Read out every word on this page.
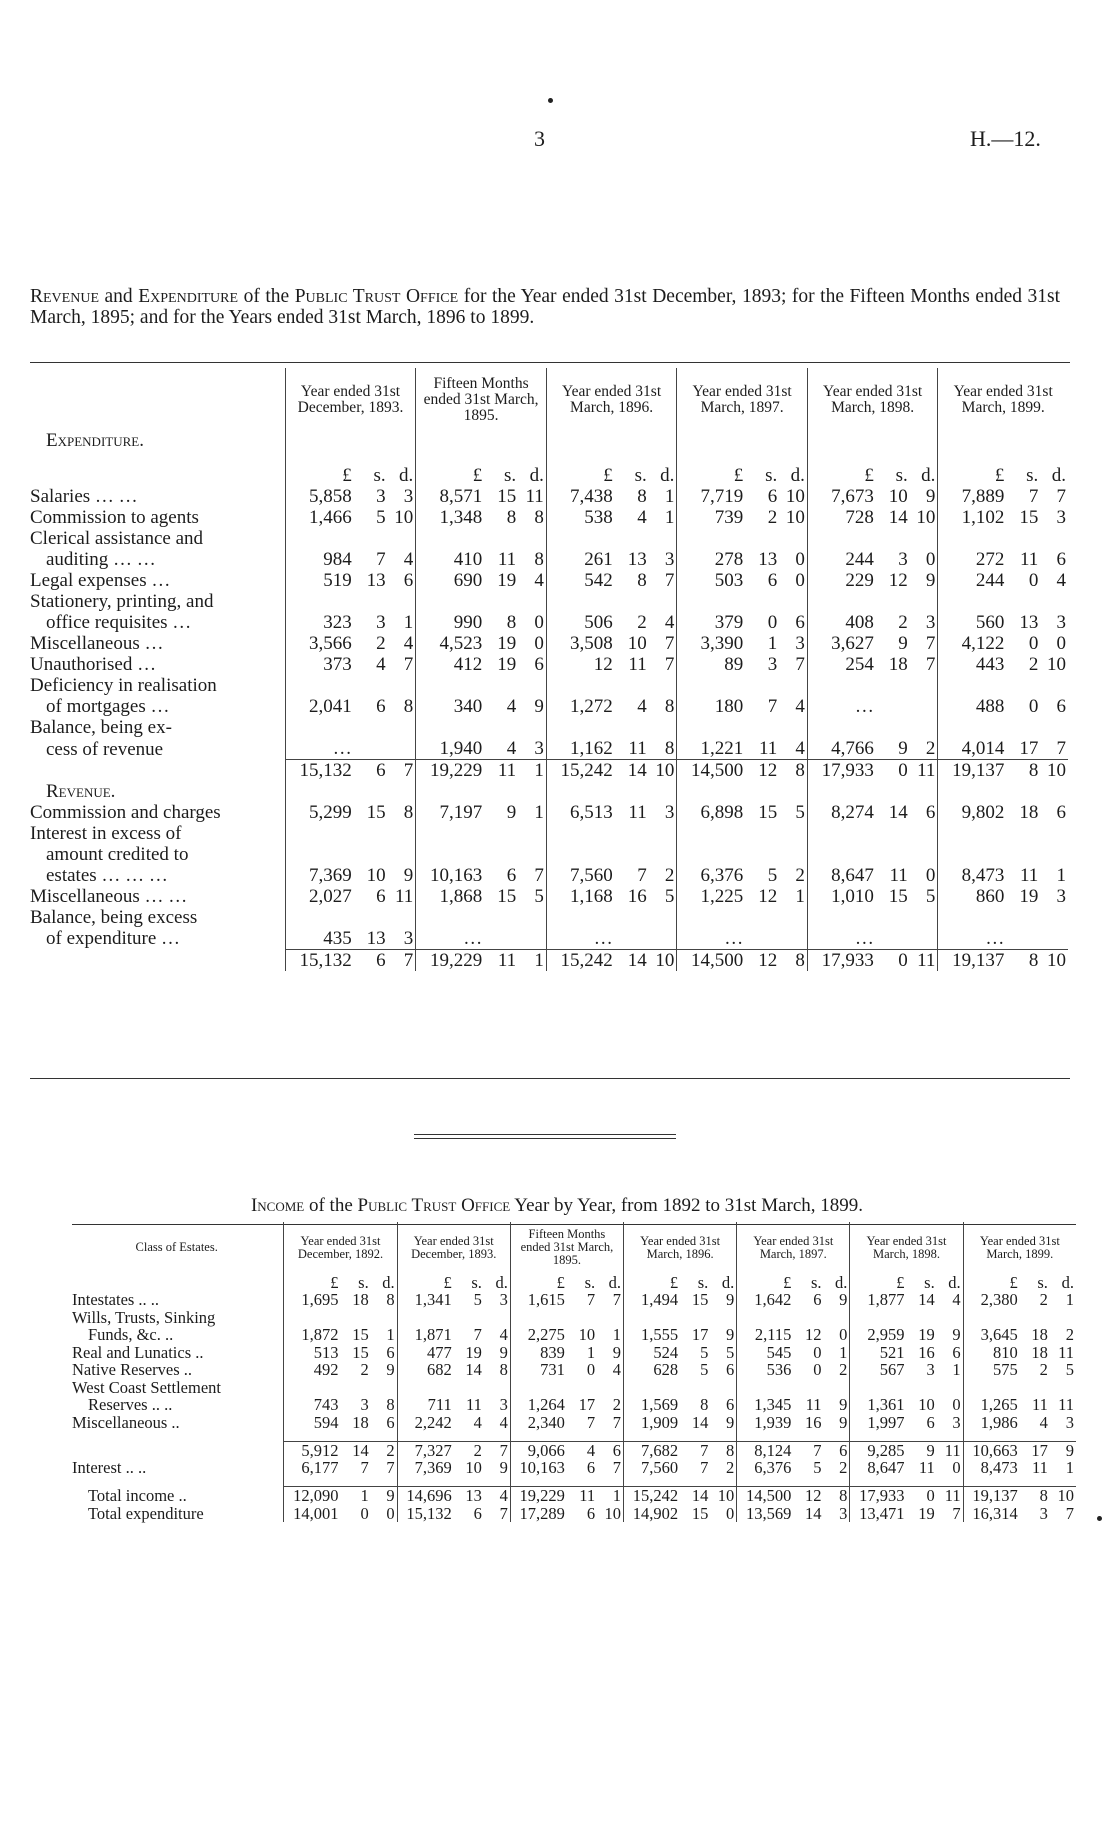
3	H.—12.
Revenue and Expenditure of the Public Trust Office for the Year ended 31st December, 1893; for the Fifteen Months ended 31st March, 1895; and for the Years ended 31st March, 1896 to 1899.
	Year ended 31st December, 1893.			Fifteen Months ended 31st March, 1895.			Year ended 31st March, 1896.			Year ended 31st March, 1897.			Year ended 31st March, 1898.			Year ended 31st March, 1899.		
Expenditure.																		
	£	s.	d.	£	s.	d.	£	s.	d.	£	s.	d.	£	s.	d.	£	s.	d.
Salaries … …	5,858	3	3	8,571	15	11	7,438	8	1	7,719	6	10	7,673	10	9	7,889	7	7
Commission to agents	1,466	5	10	1,348	8	8	538	4	1	739	2	10	728	14	10	1,102	15	3
Clerical assistance and																		
auditing … …	984	7	4	410	11	8	261	13	3	278	13	0	244	3	0	272	11	6
Legal expenses …	519	13	6	690	19	4	542	8	7	503	6	0	229	12	9	244	0	4
Stationery, printing, and																		
office requisites …	323	3	1	990	8	0	506	2	4	379	0	6	408	2	3	560	13	3
Miscellaneous …	3,566	2	4	4,523	19	0	3,508	10	7	3,390	1	3	3,627	9	7	4,122	0	0
Unauthorised …	373	4	7	412	19	6	12	11	7	89	3	7	254	18	7	443	2	10
Deficiency in realisation																		
of mortgages …	2,041	6	8	340	4	9	1,272	4	8	180	7	4	…			488	0	6
Balance, being ex-																		
cess of revenue	…			1,940	4	3	1,162	11	8	1,221	11	4	4,766	9	2	4,014	17	7
	15,132	6	7	19,229	11	1	15,242	14	10	14,500	12	8	17,933	0	11	19,137	8	10
Revenue.																		

Commission and charges	5,299	15	8	7,197	9	1	6,513	11	3	6,898	15	5	8,274	14	6	9,802	18	6
Interest in excess of																		
amount credited to																		
estates … … …	7,369	10	9	10,163	6	7	7,560	7	2	6,376	5	2	8,647	11	0	8,473	11	1
Miscellaneous … …	2,027	6	11	1,868	15	5	1,168	16	5	1,225	12	1	1,010	15	5	860	19	3
Balance, being excess																		
of expenditure …	435	13	3	…			…			…			…			…		

	15,132	6	7	19,229	11	1	15,242	14	10	14,500	12	8	17,933	0	11	19,137	8	10
Income of the Public Trust Office Year by Year, from 1892 to 31st March, 1899.
Class of Estates.	Year ended 31st December, 1892.			Year ended 31st December, 1893.			Fifteen Months ended 31st March, 1895.			Year ended 31st March, 1896.			Year ended 31st March, 1897.			Year ended 31st March, 1898.			Year ended 31st March, 1899.		
	£	s.	d.	£	s.	d.	£	s.	d.	£	s.	d.	£	s.	d.	£	s.	d.	£	s.	d.
Intestates .. ..	1,695	18	8	1,341	5	3	1,615	7	7	1,494	15	9	1,642	6	9	1,877	14	4	2,380	2	1
Wills, Trusts, Sinking																					
Funds, &c. ..	1,872	15	1	1,871	7	4	2,275	10	1	1,555	17	9	2,115	12	0	2,959	19	9	3,645	18	2
Real and Lunatics ..	513	15	6	477	19	9	839	1	9	524	5	5	545	0	1	521	16	6	810	18	11
Native Reserves ..	492	2	9	682	14	8	731	0	4	628	5	6	536	0	2	567	3	1	575	2	5
West Coast Settlement																					
Reserves .. ..	743	3	8	711	11	3	1,264	17	2	1,569	8	6	1,345	11	9	1,361	10	0	1,265	11	11
Miscellaneous ..	594	18	6	2,242	4	4	2,340	7	7	1,909	14	9	1,939	16	9	1,997	6	3	1,986	4	3

	5,912	14	2	7,327	2	7	9,066	4	6	7,682	7	8	8,124	7	6	9,285	9	11	10,663	17	9
Interest .. ..	6,177	7	7	7,369	10	9	10,163	6	7	7,560	7	2	6,376	5	2	8,647	11	0	8,473	11	1

Total income ..	12,090	1	9	14,696	13	4	19,229	11	1	15,242	14	10	14,500	12	8	17,933	0	11	19,137	8	10
Total expenditure	14,001	0	0	15,132	6	7	17,289	6	10	14,902	15	0	13,569	14	3	13,471	19	7	16,314	3	7
